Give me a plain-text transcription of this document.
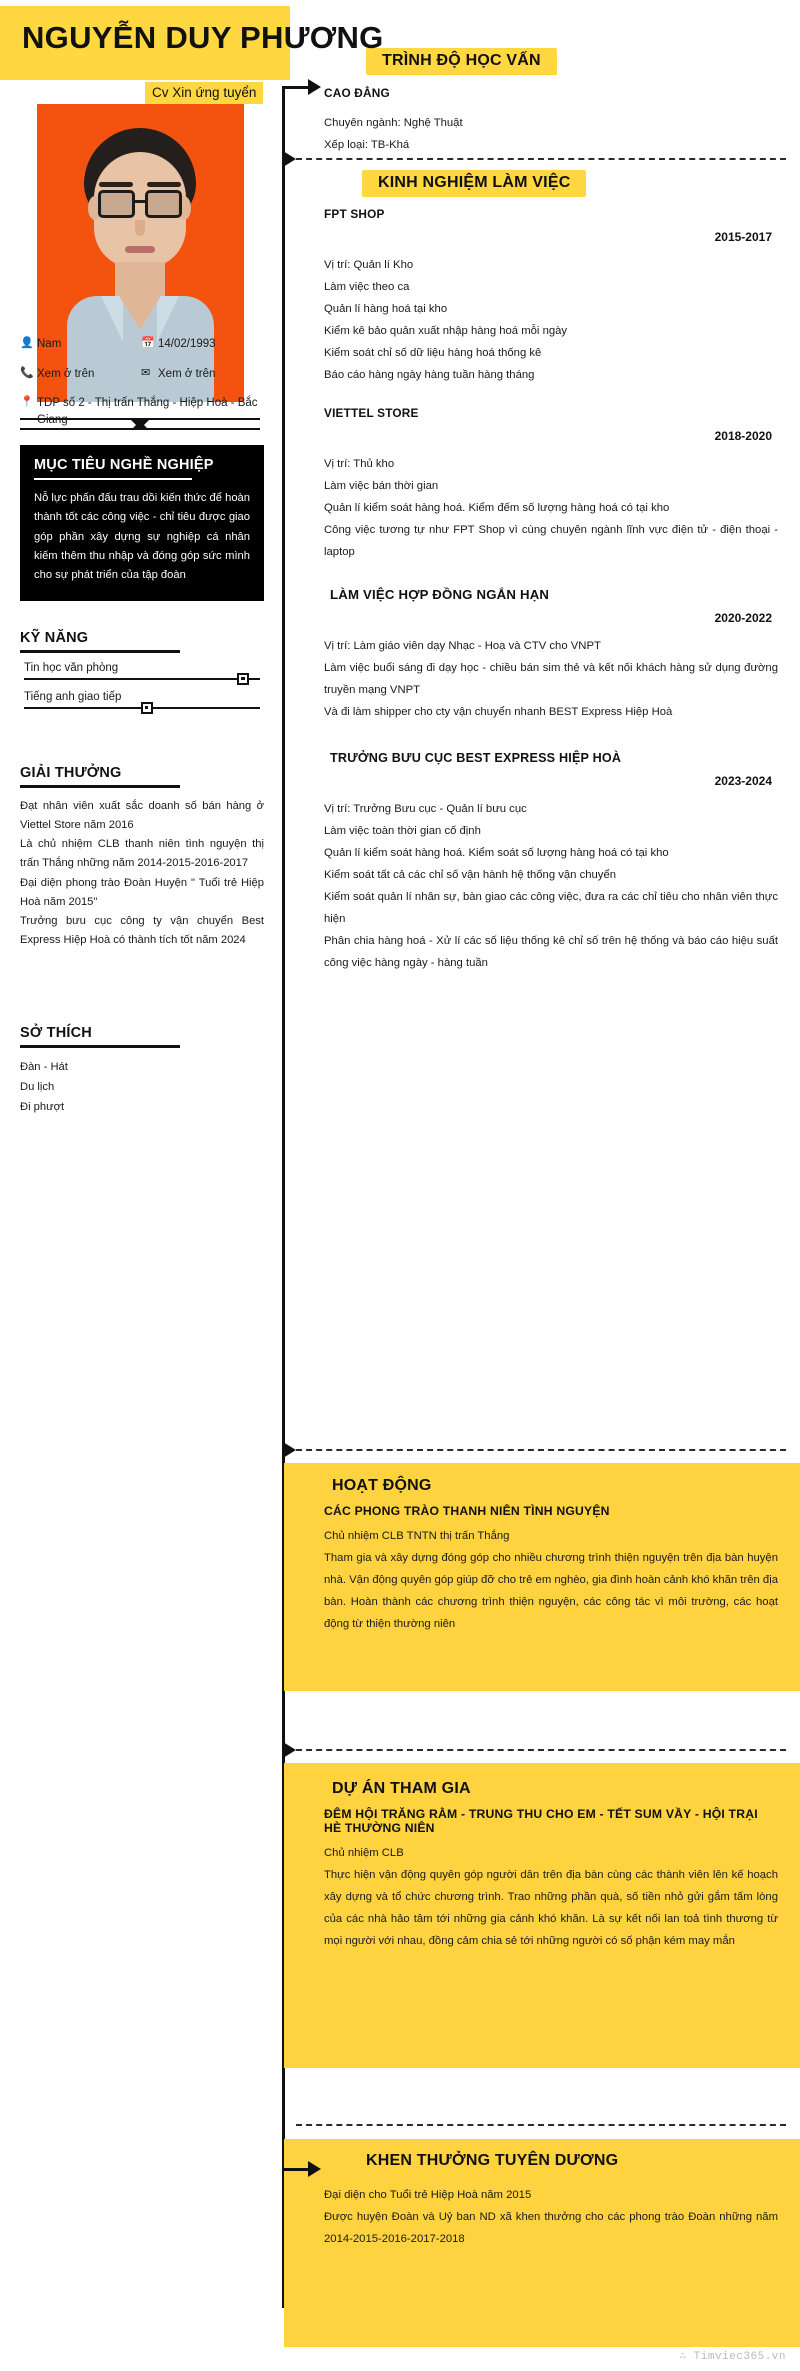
NGUYỄN DUY PHƯƠNG
Cv Xin ứng tuyển
👤 Nam	📅 14/02/1993
📞 Xem ở trên	✉ Xem ở trên
📍 TDP số 2 - Thị trấn Thắng - Hiệp Hoà - Bắc Giang
MỤC TIÊU NGHỀ NGHIỆP
Nỗ lực phấn đấu trau dồi kiến thức để hoàn thành tốt các công việc - chỉ tiêu được giao góp phần xây dựng sự nghiệp cá nhân kiếm thêm thu nhập và đóng góp sức mình cho sự phát triển của tập đoàn
KỸ NĂNG
Tin học văn phòng
Tiếng anh giao tiếp
GIẢI THƯỞNG

Đạt nhân viên xuất sắc doanh số bán hàng ở Viettel Store năm 2016

Là chủ nhiệm CLB thanh niên tình nguyện thị trấn Thắng những năm 2014-2015-2016-2017

Đại diện phong trào Đoàn Huyện " Tuổi trẻ Hiệp Hoà năm 2015"

Trưởng bưu cục công ty vận chuyển Best Express Hiệp Hoà có thành tích tốt năm 2024

SỞ THÍCH
Đàn - Hát
Du lịch
Đi phượt
TRÌNH ĐỘ HỌC VẤN
CAO ĐẲNG
Chuyên ngành: Nghệ Thuật
Xếp loại: TB-Khá
KINH NGHIỆM LÀM VIỆC
FPT SHOP
2015-2017
Vị trí: Quản lí Kho
Làm việc theo ca
Quản lí hàng hoá tại kho
Kiểm kê bảo quản xuất nhập hàng hoá mỗi ngày
Kiểm soát chỉ số dữ liệu hàng hoá thống kê
Báo cáo hàng ngày hàng tuần hàng tháng
VIETTEL STORE
2018-2020
Vị trí: Thủ kho
Làm việc bán thời gian
Quản lí kiểm soát hàng hoá. Kiểm đếm số lượng hàng hoá có tại kho
Công việc tương tự như FPT Shop vì cùng chuyên ngành lĩnh vực điện tử - điện thoại - laptop
LÀM VIỆC HỢP ĐỒNG NGẮN HẠN
2020-2022
Vị trí: Làm giáo viên dạy Nhạc - Hoạ và CTV cho VNPT
Làm việc buổi sáng đi dạy học - chiều bán sim thẻ và kết nối khách hàng sử dụng đường truyền mạng VNPT
Và đi làm shipper cho cty vận chuyển nhanh BEST Express Hiệp Hoà
TRƯỞNG BƯU CỤC BEST EXPRESS HIỆP HOÀ
2023-2024
Vị trí: Trưởng Bưu cục - Quản lí bưu cục
Làm việc toàn thời gian cố định
Quản lí kiểm soát hàng hoá. Kiểm soát số lượng hàng hoá có tại kho
Kiểm soát tất cả các chỉ số vận hành hệ thống vận chuyển
Kiểm soát quản lí nhân sự, bàn giao các công việc, đưa ra các chỉ tiêu cho nhân viên thực hiện
Phân chia hàng hoá - Xử lí các số liệu thống kê chỉ số trên hệ thống và báo cáo hiệu suất công việc hàng ngày - hàng tuần
HOẠT ĐỘNG
CÁC PHONG TRÀO THANH NIÊN TÌNH NGUYỆN
Chủ nhiệm CLB TNTN thị trấn Thắng
Tham gia và xây dựng đóng góp cho nhiều chương trình thiện nguyện trên địa bàn huyện nhà. Vận động quyên góp giúp đỡ cho trẻ em nghèo, gia đình hoàn cảnh khó khăn trên địa bàn. Hoàn thành các chương trình thiện nguyện, các công tác vì môi trường, các hoạt động từ thiện thường niên
DỰ ÁN THAM GIA
ĐÊM HỘI TRĂNG RẰM - TRUNG THU CHO EM - TẾT SUM VẦY - HỘI TRẠI HÈ THƯỜNG NIÊN
Chủ nhiệm CLB
Thực hiện vận động quyên góp người dân trên địa bàn cùng các thành viên lên kế hoạch xây dựng và tổ chức chương trình. Trao những phần quà, số tiền nhỏ gửi gắm tấm lòng của các nhà hảo tâm tới những gia cảnh khó khăn. Là sự kết nối lan toả tình thương từ mọi người với nhau, đồng cảm chia sẻ tới những người có số phận kém may mắn
KHEN THƯỞNG TUYÊN DƯƠNG
Đại diện cho Tuổi trẻ Hiệp Hoà năm 2015
Được huyện Đoàn và Uỷ ban ND xã khen thưởng cho các phong trào Đoàn những năm 2014-2015-2016-2017-2018
∴ Timviec365.vn
